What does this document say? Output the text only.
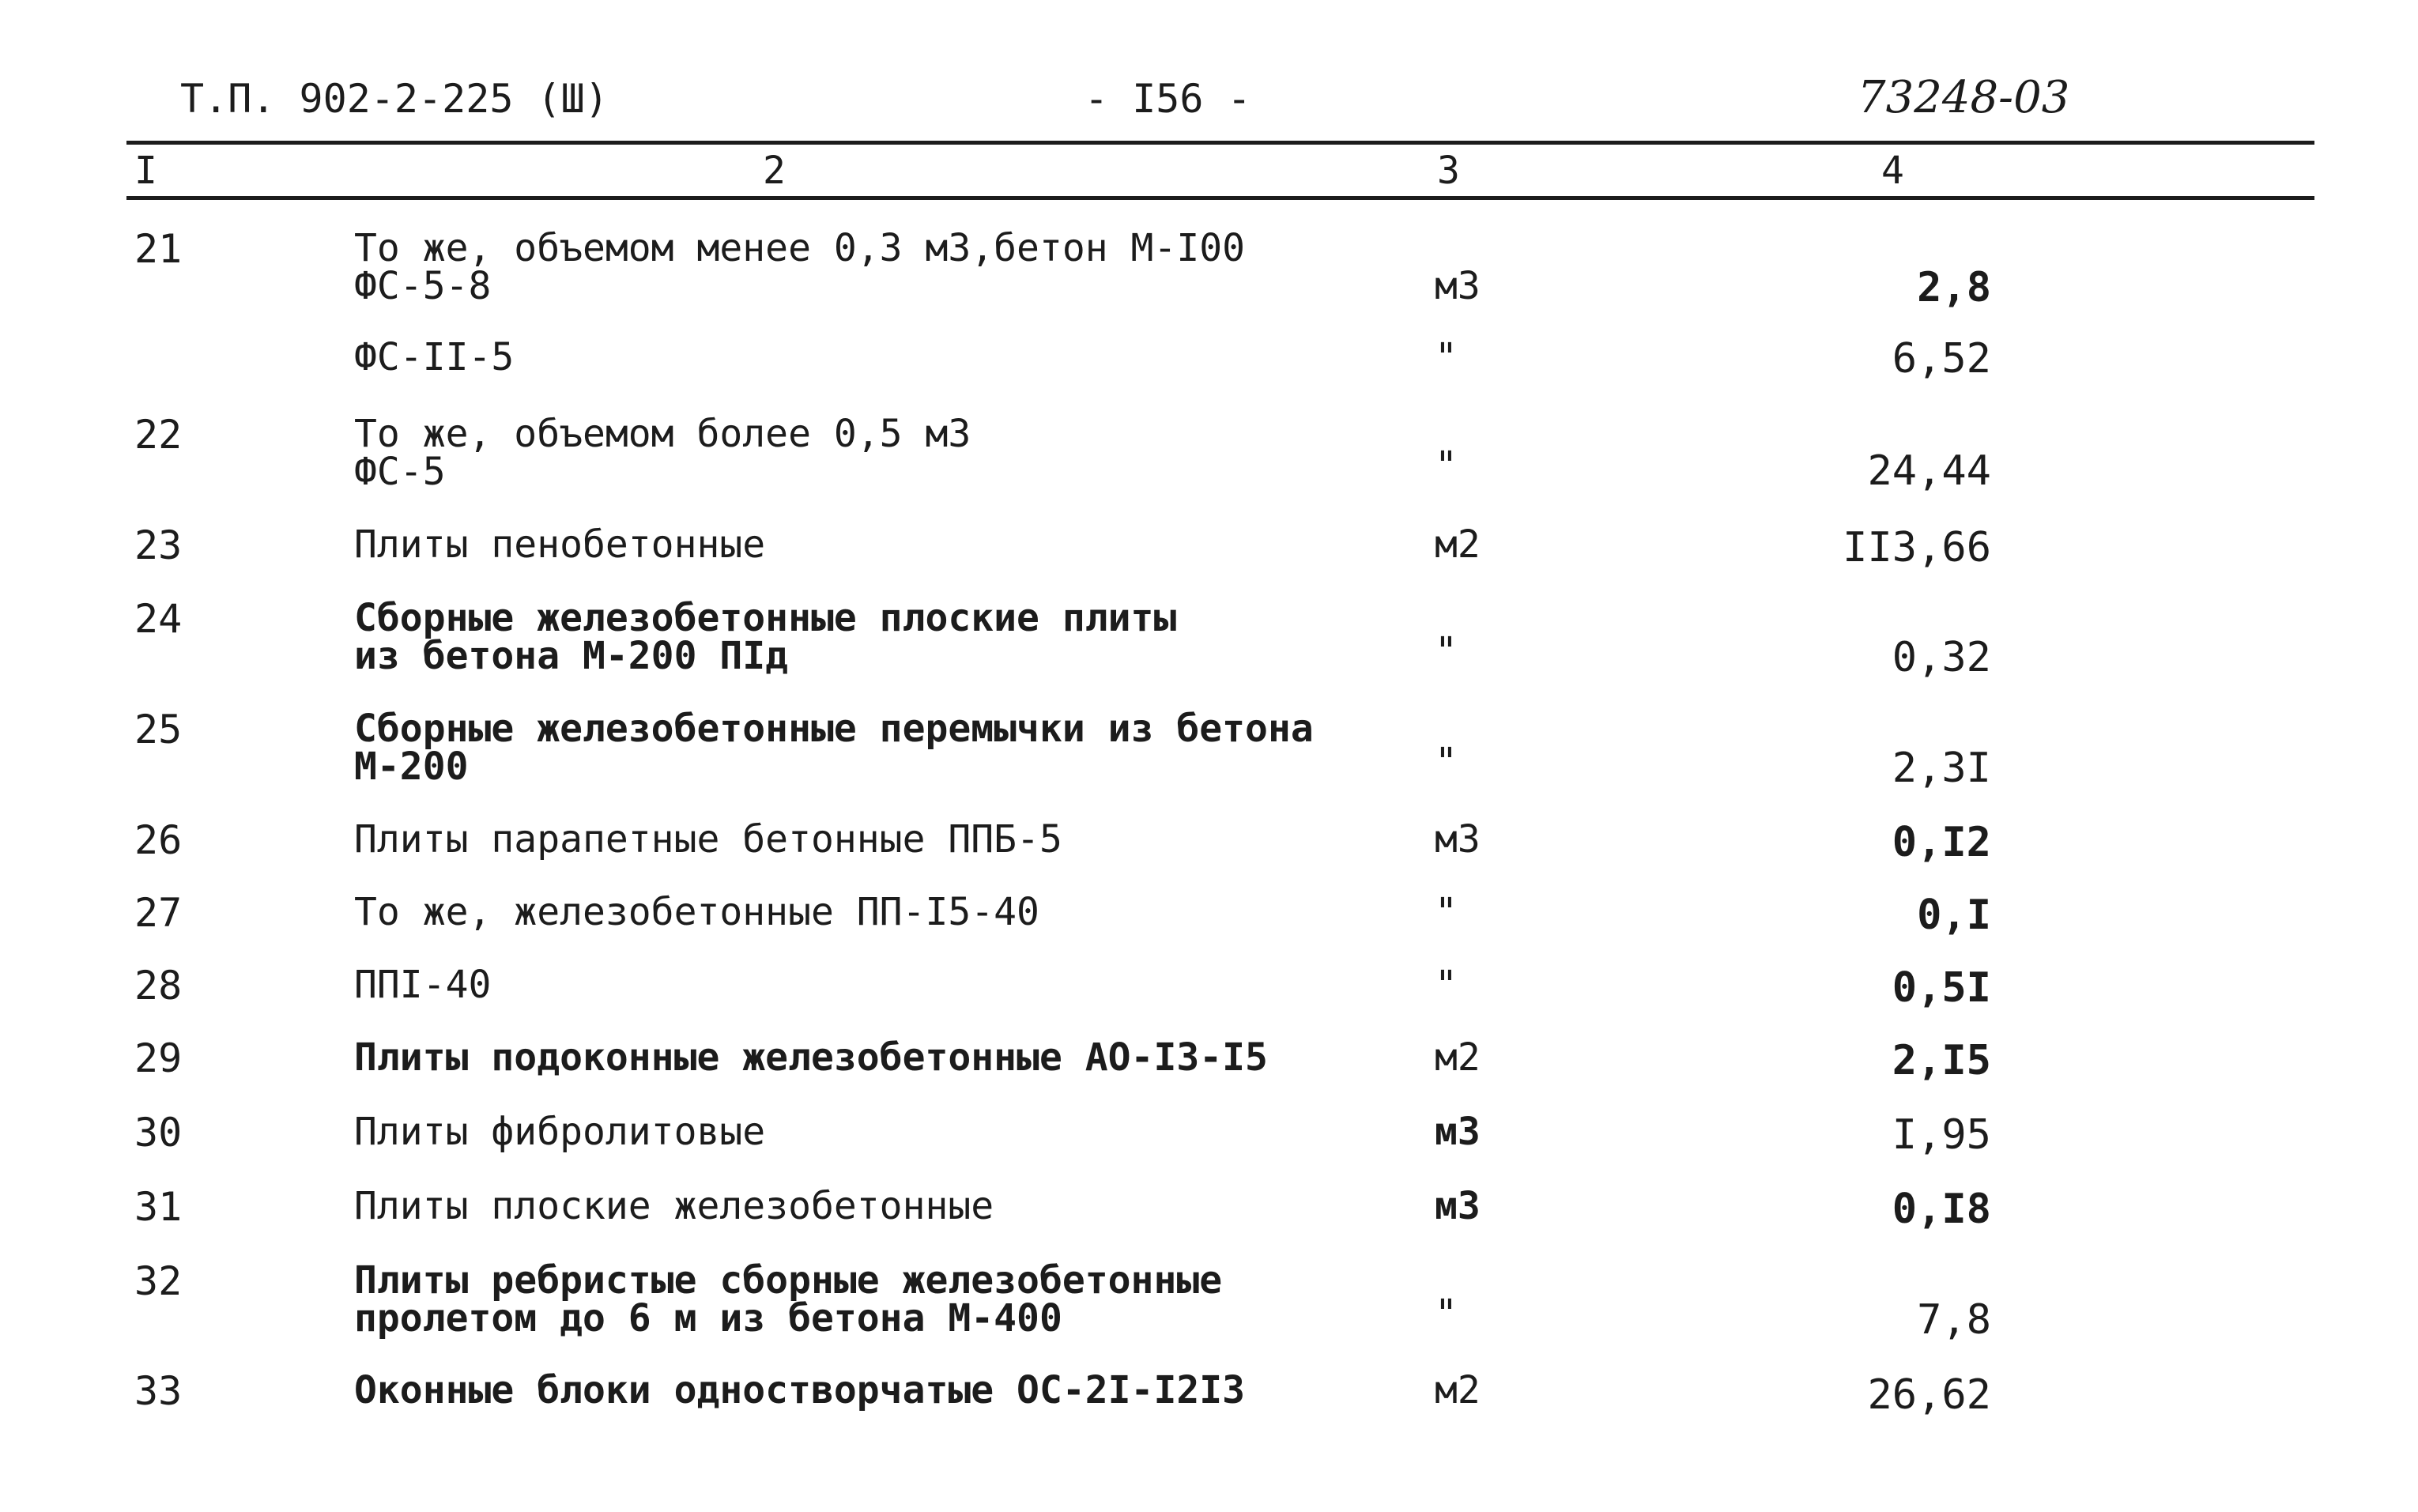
Т.П. 902-2-225 (Ш)	- I56 -	73248-03
I	2	3	4
21	То же, объемом менее 0,3 м3,бетон М-I00
ФС-5-8	м3	2,8
ФС-II-5	"	6,52
22	То же, объемом более 0,5 м3
ФС-5	"	24,44
23	Плиты пенобетонные	м2	II3,66
24	Сборные железобетонные плоские плиты
из бетона М-200 ПIд	"	0,32
25	Сборные железобетонные перемычки из бетона
М-200	"	2,3I
26	Плиты парапетные бетонные ППБ-5	м3	0,I2
27	То же, железобетонные ПП-I5-40	"	0,I
28	ППI-40	"	0,5I
29	Плиты подоконные железобетонные АО-I3-I5	м2	2,I5
30	Плиты фибролитовые	м3	I,95
31	Плиты плоские железобетонные	м3	0,I8
32	Плиты ребристые сборные железобетонные
пролетом до 6 м из бетона М-400	"	7,8
33	Оконные блоки одностворчатые ОС-2I-I2I3	м2	26,62
